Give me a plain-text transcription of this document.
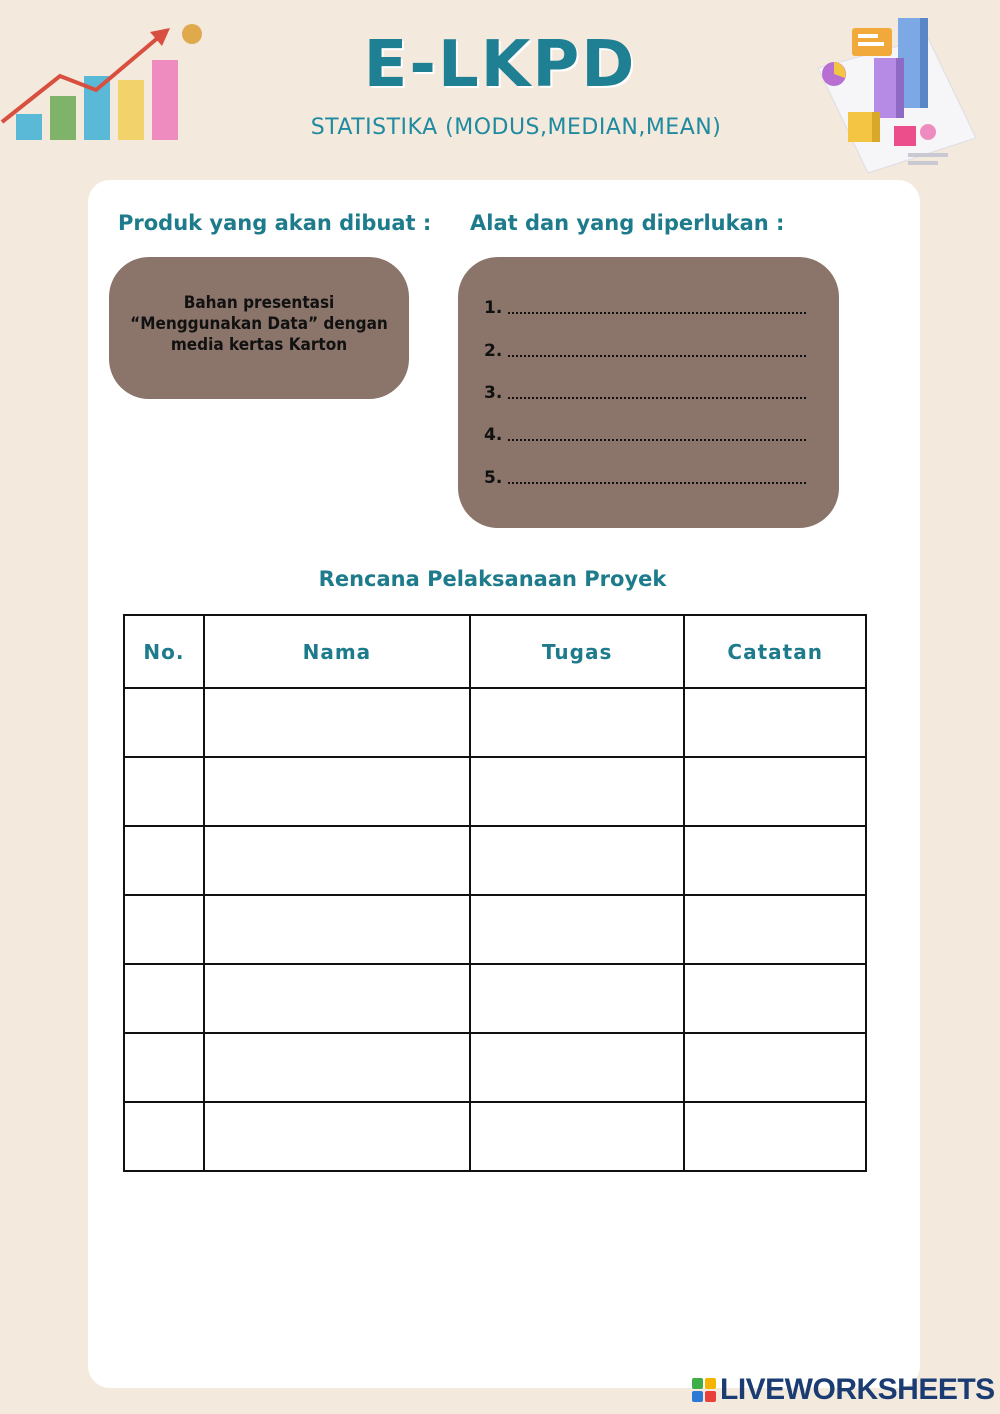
E-LKPD
STATISTIKA (MODUS,MEDIAN,MEAN)
Produk yang akan dibuat :
Bahan presentasi “Menggunakan Data” dengan media kertas Karton
Alat dan yang diperlukan :
1.
2.
3.
4.
5.
Rencana Pelaksanaan Proyek
No.	Nama	Tugas	Catatan

LIVEWORKSHEETS
